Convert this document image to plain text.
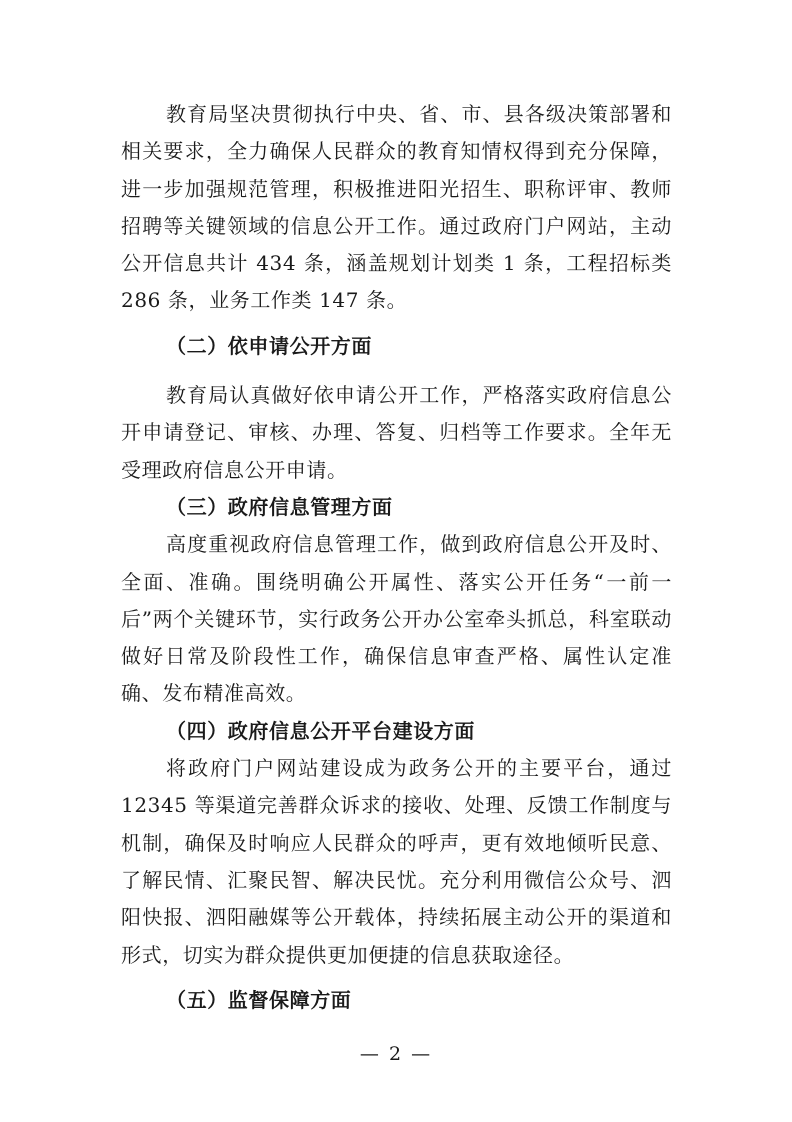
教育局坚决贯彻执行中央、省、市、县各级决策部署和相关要求，全力确保人民群众的教育知情权得到充分保障，进一步加强规范管理，积极推进阳光招生、职称评审、教师招聘等关键领域的信息公开工作。通过政府门户网站，主动公开信息共计 434 条，涵盖规划计划类 1 条，工程招标类 286 条，业务工作类 147 条。

（二）依申请公开方面

教育局认真做好依申请公开工作，严格落实政府信息公开申请登记、审核、办理、答复、归档等工作要求。全年无受理政府信息公开申请。

（三）政府信息管理方面

高度重视政府信息管理工作，做到政府信息公开及时、全面、准确。围绕明确公开属性、落实公开任务“一前一后”两个关键环节，实行政务公开办公室牵头抓总，科室联动做好日常及阶段性工作，确保信息审查严格、属性认定准确、发布精准高效。

（四）政府信息公开平台建设方面

将政府门户网站建设成为政务公开的主要平台，通过12345 等渠道完善群众诉求的接收、处理、反馈工作制度与机制，确保及时响应人民群众的呼声，更有效地倾听民意、了解民情、汇聚民智、解决民忧。充分利用微信公众号、泗阳快报、泗阳融媒等公开载体，持续拓展主动公开的渠道和形式，切实为群众提供更加便捷的信息获取途径。

（五）监督保障方面

— 2 —
